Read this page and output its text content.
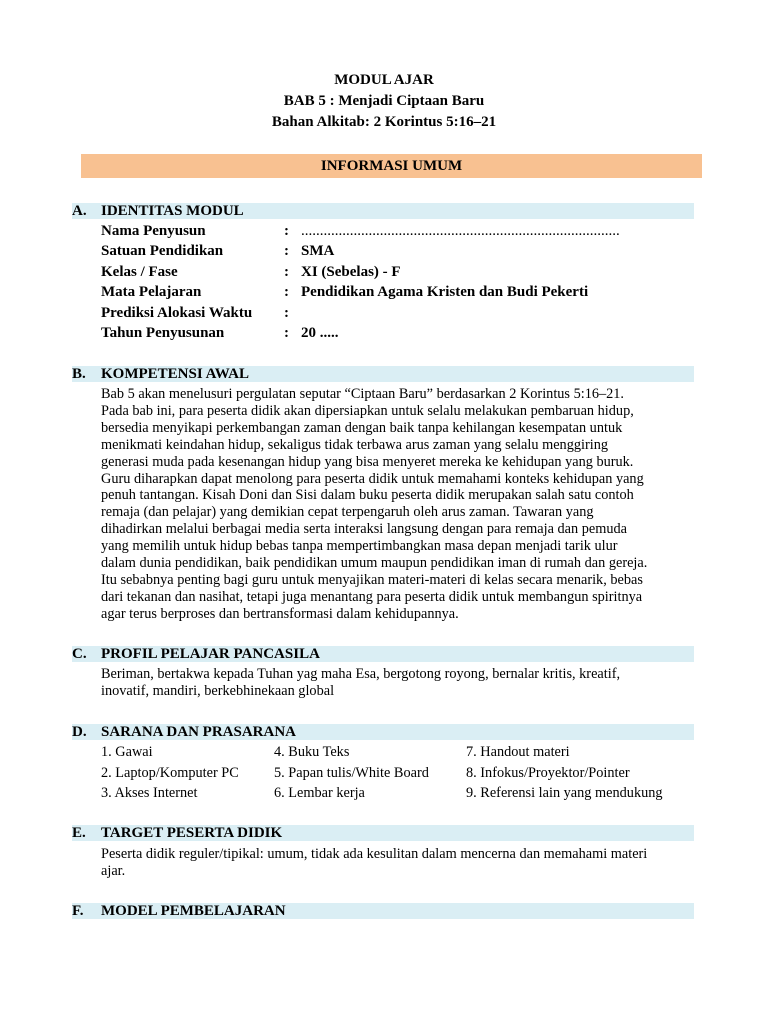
MODUL AJAR
BAB 5 : Menjadi Ciptaan Baru
Bahan Alkitab: 2 Korintus 5:16–21
INFORMASI UMUM
A. IDENTITAS MODUL
Nama Penyusun	: .....................................................................................
Satuan Pendidikan	: SMA
Kelas / Fase	: XI (Sebelas) - F
Mata Pelajaran	: Pendidikan Agama Kristen dan Budi Pekerti
Prediksi Alokasi Waktu :
Tahun Penyusunan	: 20 .....
B. KOMPETENSI AWAL
Bab 5 akan menelusuri pergulatan seputar “Ciptaan Baru” berdasarkan 2 Korintus 5:16–21.
Pada bab ini, para peserta didik akan dipersiapkan untuk selalu melakukan pembaruan hidup,
bersedia menyikapi perkembangan zaman dengan baik tanpa kehilangan kesempatan untuk
menikmati keindahan hidup, sekaligus tidak terbawa arus zaman yang selalu menggiring
generasi muda pada kesenangan hidup yang bisa menyeret mereka ke kehidupan yang buruk.
Guru diharapkan dapat menolong para peserta didik untuk memahami konteks kehidupan yang
penuh tantangan. Kisah Doni dan Sisi dalam buku peserta didik merupakan salah satu contoh
remaja (dan pelajar) yang demikian cepat terpengaruh oleh arus zaman. Tawaran yang
dihadirkan melalui berbagai media serta interaksi langsung dengan para remaja dan pemuda
yang memilih untuk hidup bebas tanpa mempertimbangkan masa depan menjadi tarik ulur
dalam dunia pendidikan, baik pendidikan umum maupun pendidikan iman di rumah dan gereja.
Itu sebabnya penting bagi guru untuk menyajikan materi-materi di kelas secara menarik, bebas
dari tekanan dan nasihat, tetapi juga menantang para peserta didik untuk membangun spiritnya
agar terus berproses dan bertransformasi dalam kehidupannya.
C. PROFIL PELAJAR PANCASILA
Beriman, bertakwa kepada Tuhan yag maha Esa, bergotong royong, bernalar kritis, kreatif,
inovatif, mandiri, berkebhinekaan global
D. SARANA DAN PRASARANA
1. Gawai
2. Laptop/Komputer PC
3. Akses Internet
4. Buku Teks
5. Papan tulis/White Board
6. Lembar kerja
7. Handout materi
8. Infokus/Proyektor/Pointer
9. Referensi lain yang mendukung
E. TARGET PESERTA DIDIK
Peserta didik reguler/tipikal: umum, tidak ada kesulitan dalam mencerna dan memahami materi
ajar.
F. MODEL PEMBELAJARAN
